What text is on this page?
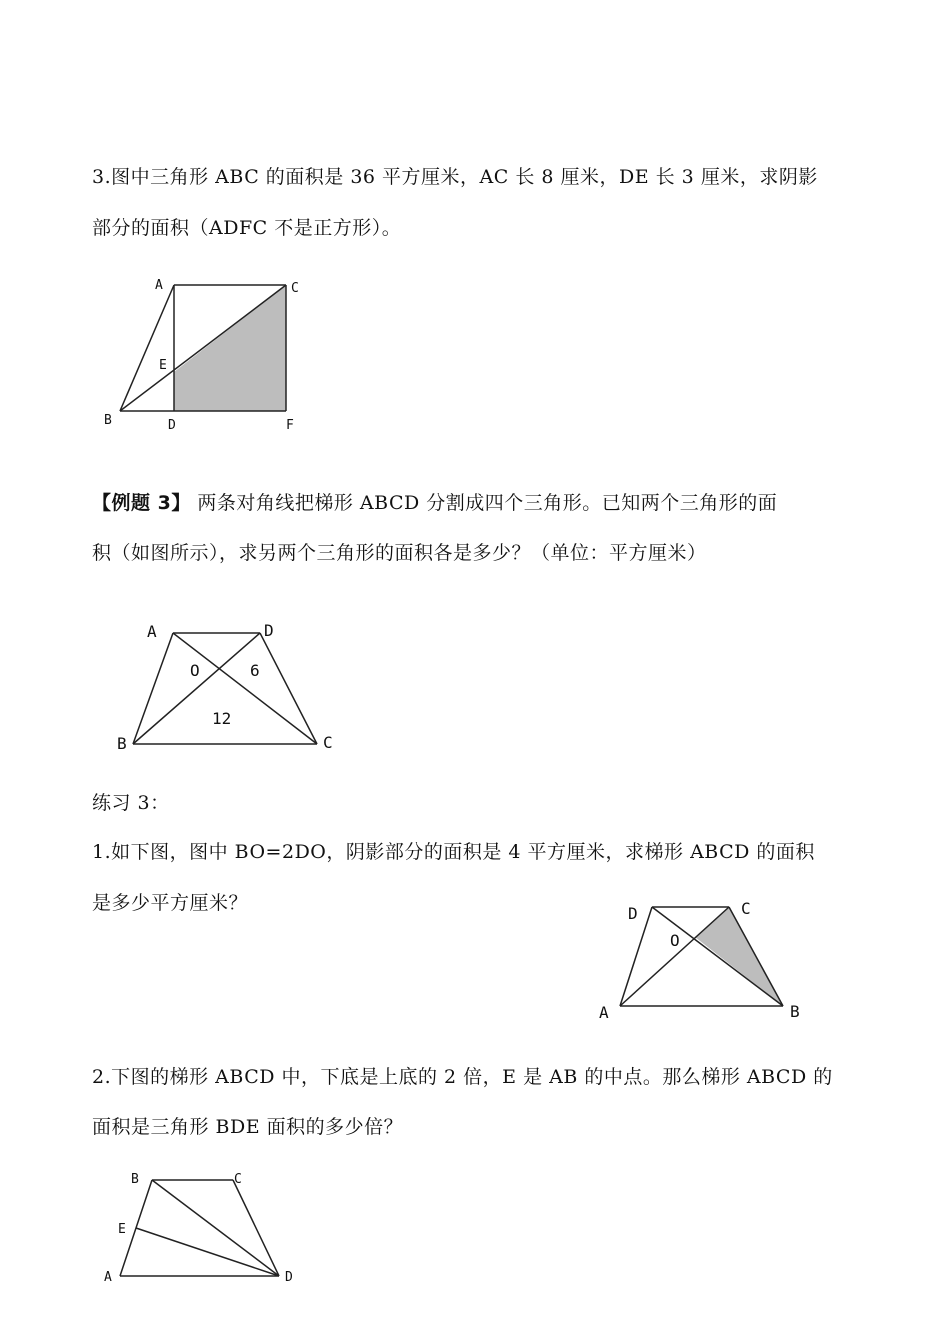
3.图中三角形 ABC 的面积是 36 平方厘米，AC 长 8 厘米，DE 长 3 厘米，求阴影
部分的面积（ADFC 不是正方形）。
A	C
E
B	D	F
【例题 3】 两条对角线把梯形 ABCD 分割成四个三角形。已知两个三角形的面
积（如图所示），求另两个三角形的面积各是多少？（单位：平方厘米）
A	D
O	6
12
B	C
练习 3：
1.如下图，图中 BO=2DO，阴影部分的面积是 4 平方厘米，求梯形 ABCD 的面积
是多少平方厘米？	D	C
O
A	B
2.下图的梯形 ABCD 中，下底是上底的 2 倍，E 是 AB 的中点。那么梯形 ABCD 的
面积是三角形 BDE 面积的多少倍？
B	C
E
A	D
